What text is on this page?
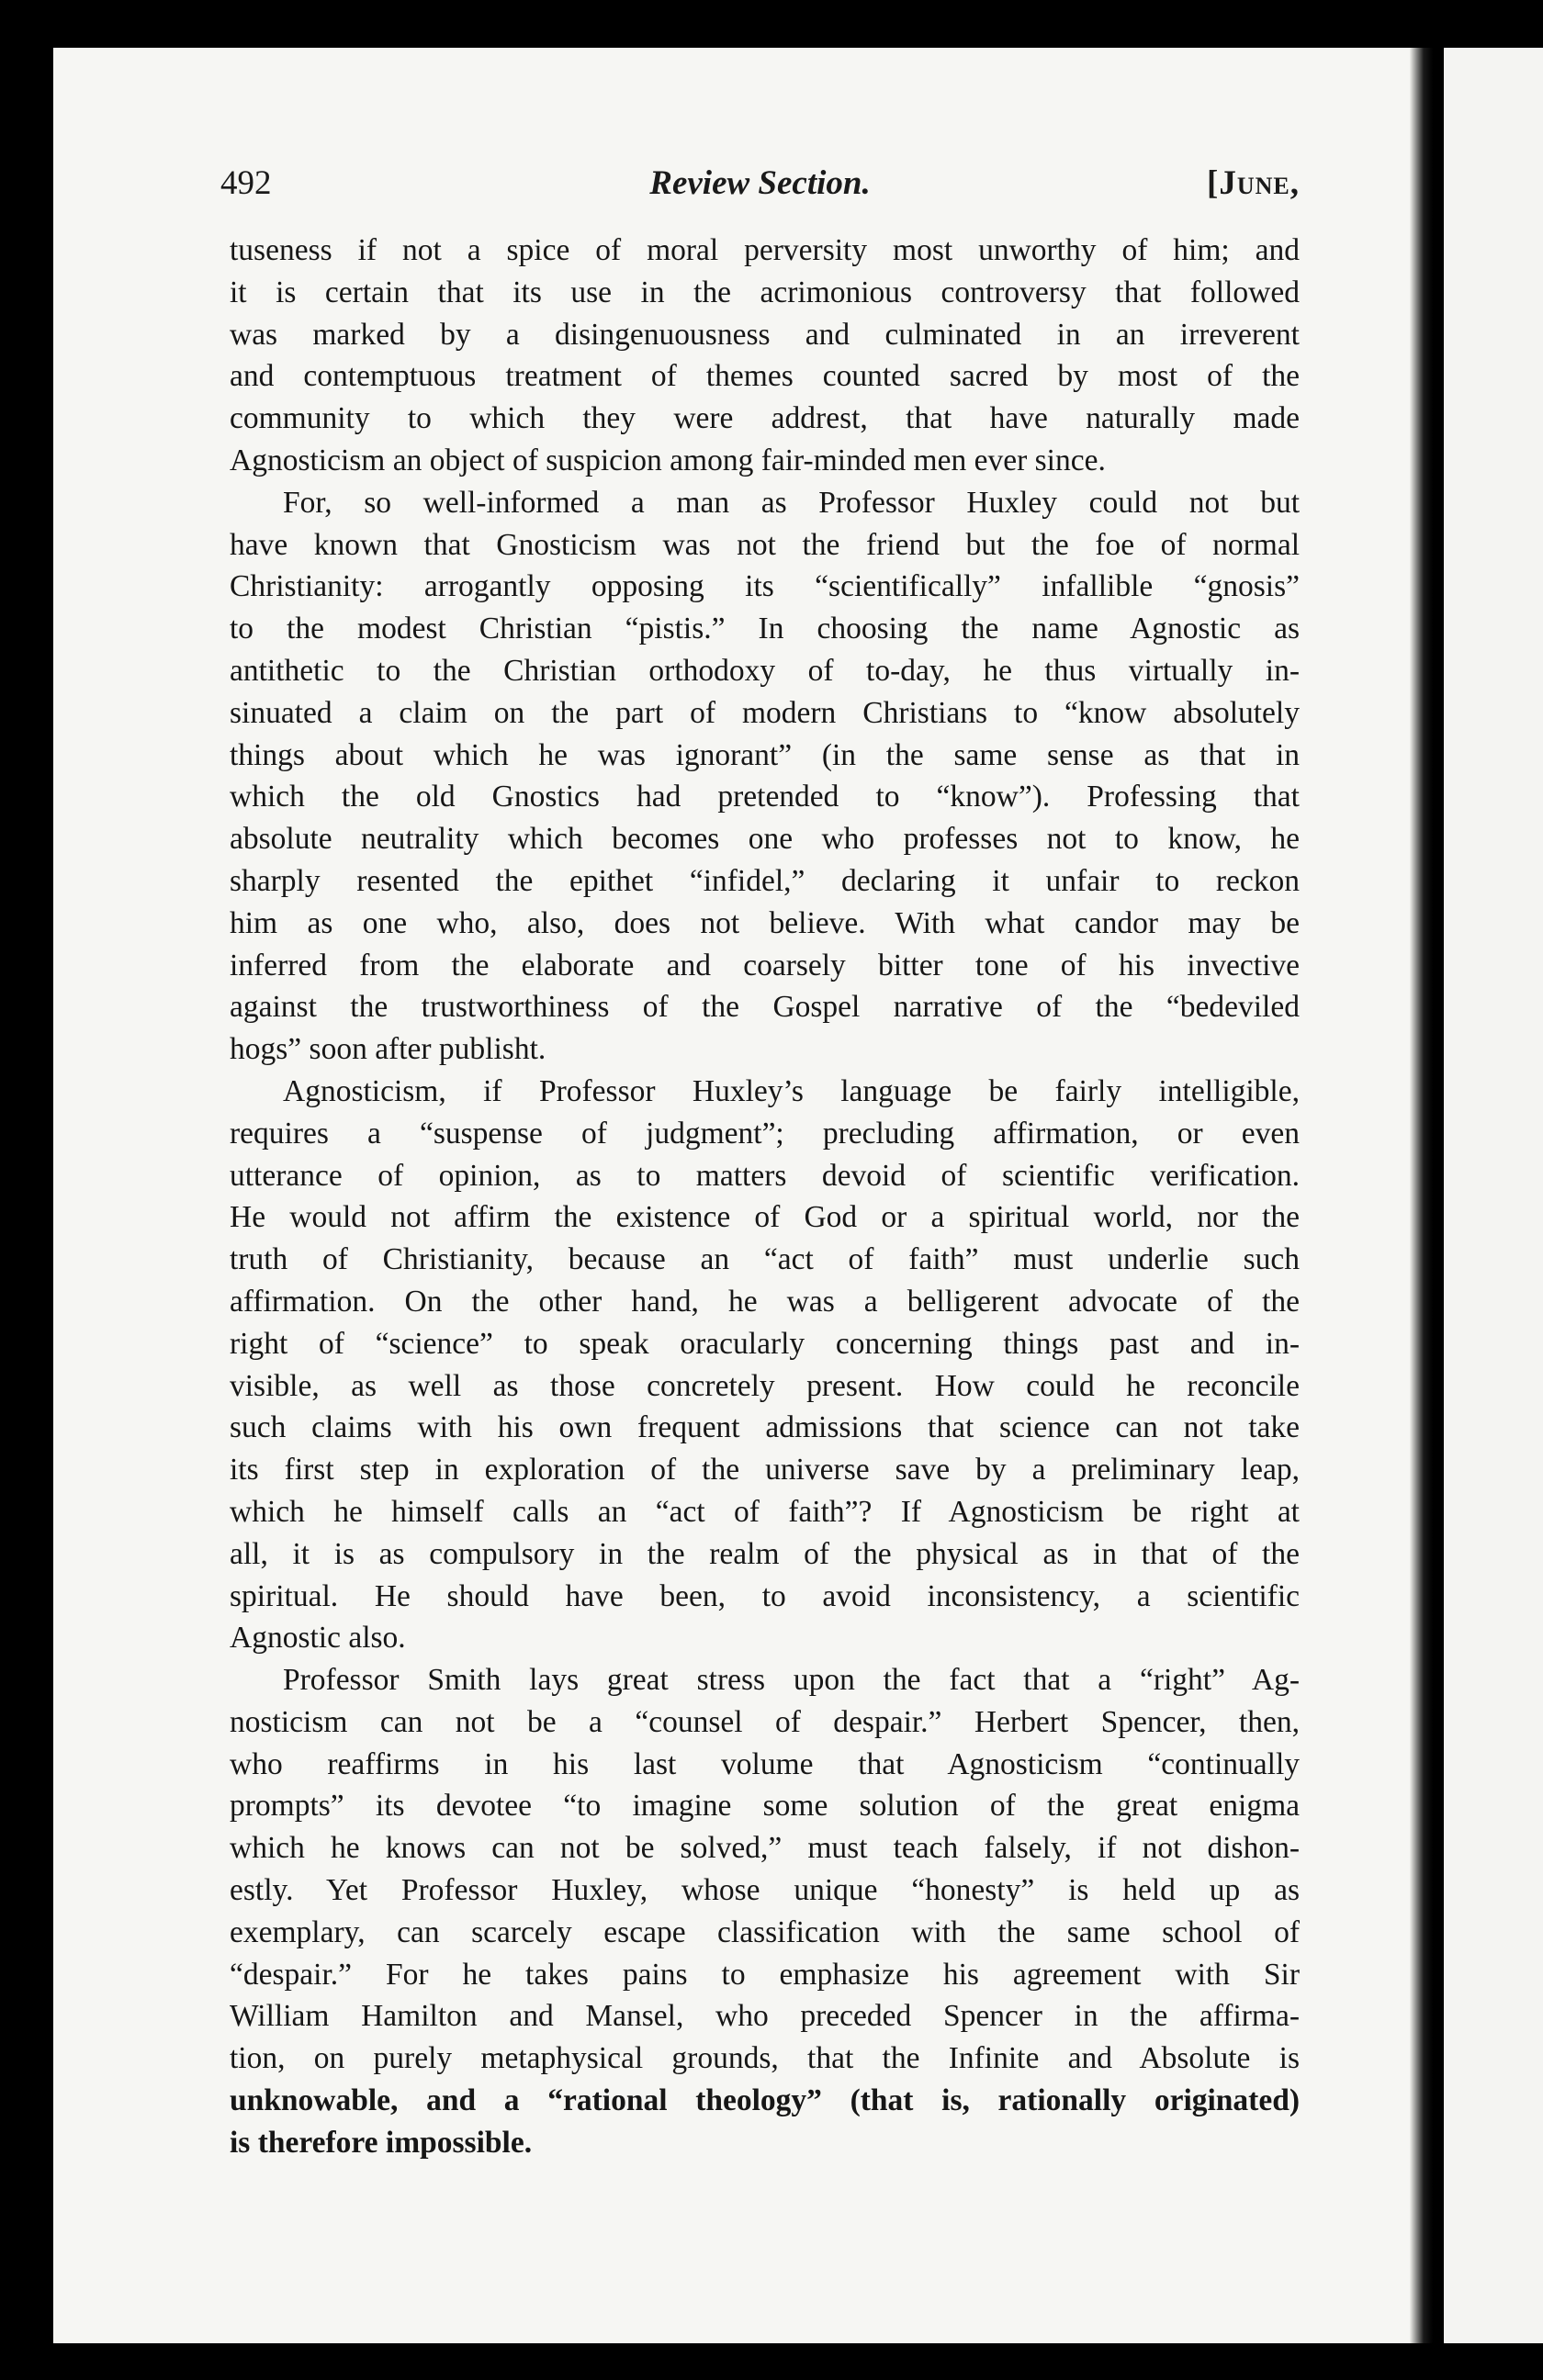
492	Review Section.	[June,

tuseness if not a spice of moral perversity most unworthy of him; and
it is certain that its use in the acrimonious controversy that followed
was marked by a disingenuousness and culminated in an irreverent
and contemptuous treatment of themes counted sacred by most of the
community to which they were addrest, that have naturally made
Agnosticism an object of suspicion among fair-minded men ever since.

For, so well-informed a man as Professor Huxley could not but
have known that Gnosticism was not the friend but the foe of normal
Christianity: arrogantly opposing its “scientifically” infallible “gnosis”
to the modest Christian “pistis.” In choosing the name Agnostic as
antithetic to the Christian orthodoxy of to-day, he thus virtually in-
sinuated a claim on the part of modern Christians to “know absolutely
things about which he was ignorant” (in the same sense as that in
which the old Gnostics had pretended to “know”). Professing that
absolute neutrality which becomes one who professes not to know, he
sharply resented the epithet “infidel,” declaring it unfair to reckon
him as one who, also, does not believe. With what candor may be
inferred from the elaborate and coarsely bitter tone of his invective
against the trustworthiness of the Gospel narrative of the “bedeviled
hogs” soon after publisht.

Agnosticism, if Professor Huxley’s language be fairly intelligible,
requires a “suspense of judgment”; precluding affirmation, or even
utterance of opinion, as to matters devoid of scientific verification.
He would not affirm the existence of God or a spiritual world, nor the
truth of Christianity, because an “act of faith” must underlie such
affirmation. On the other hand, he was a belligerent advocate of the
right of “science” to speak oracularly concerning things past and in-
visible, as well as those concretely present. How could he reconcile
such claims with his own frequent admissions that science can not take
its first step in exploration of the universe save by a preliminary leap,
which he himself calls an “act of faith”? If Agnosticism be right at
all, it is as compulsory in the realm of the physical as in that of the
spiritual. He should have been, to avoid inconsistency, a scientific
Agnostic also.

Professor Smith lays great stress upon the fact that a “right” Ag-
nosticism can not be a “counsel of despair.” Herbert Spencer, then,
who reaffirms in his last volume that Agnosticism “continually
prompts” its devotee “to imagine some solution of the great enigma
which he knows can not be solved,” must teach falsely, if not dishon-
estly. Yet Professor Huxley, whose unique “honesty” is held up as
exemplary, can scarcely escape classification with the same school of
“despair.” For he takes pains to emphasize his agreement with Sir
William Hamilton and Mansel, who preceded Spencer in the affirma-
tion, on purely metaphysical grounds, that the Infinite and Absolute is
unknowable, and a “rational theology” (that is, rationally originated)
is therefore impossible.
